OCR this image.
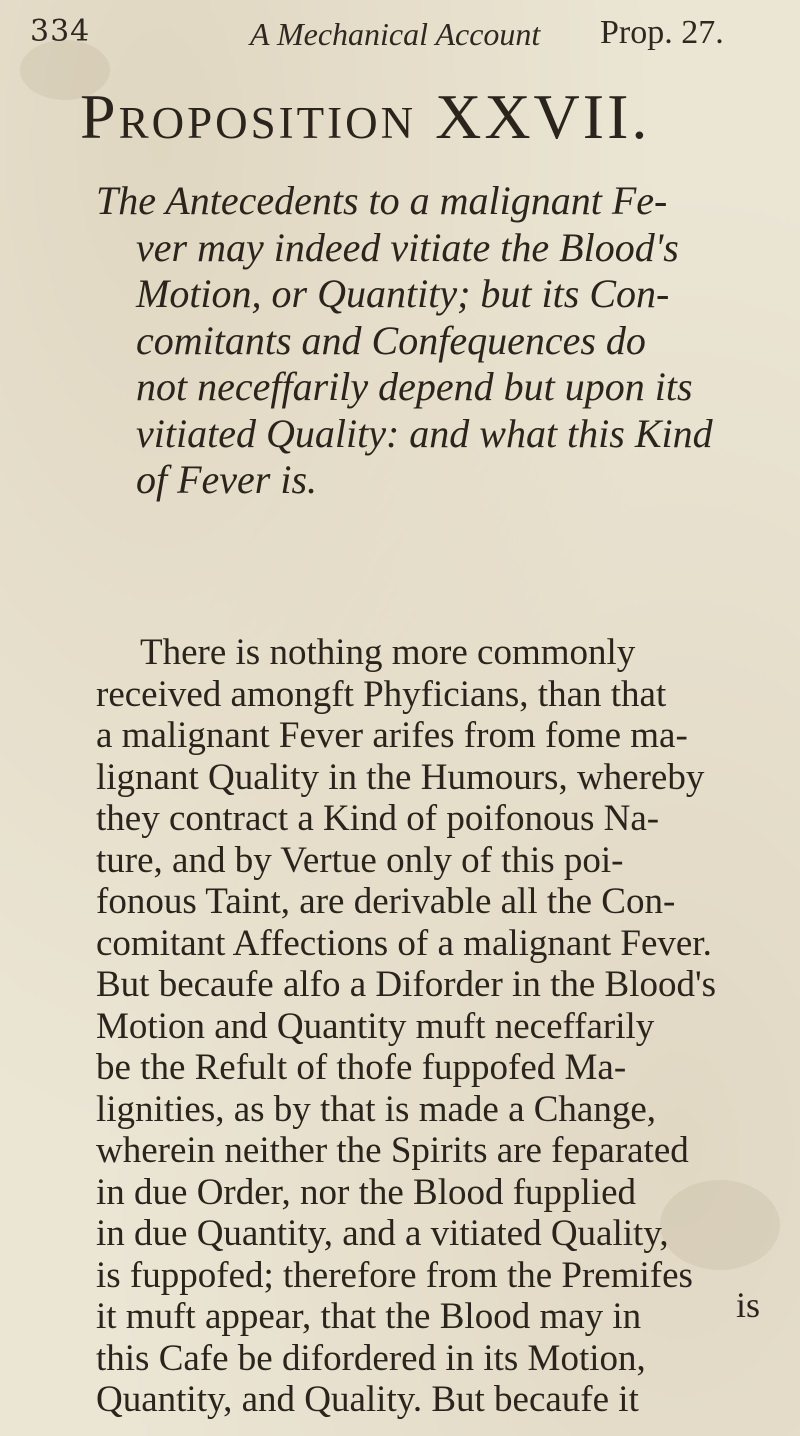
334	A Mechanical Account Prop. 27.
Proposition XXVII.
The Antecedents to a malignant Fe-
ver may indeed vitiate the Blood's
Motion, or Quantity; but its Con-
comitants and Confequences do
not neceffarily depend but upon its
vitiated Quality: and what this Kind
of Fever is.
There is nothing more commonly
received amongft Phyficians, than that
a malignant Fever arifes from fome ma-
lignant Quality in the Humours, whereby
they contract a Kind of poifonous Na-
ture, and by Vertue only of this poi-
fonous Taint, are derivable all the Con-
comitant Affections of a malignant Fever.
But becaufe alfo a Diforder in the Blood's
Motion and Quantity muft neceffarily
be the Refult of thofe fuppofed Ma-
lignities, as by that is made a Change,
wherein neither the Spirits are feparated
in due Order, nor the Blood fupplied
in due Quantity, and a vitiated Quality,
is fuppofed; therefore from the Premifes
it muft appear, that the Blood may in
this Cafe be difordered in its Motion,
Quantity, and Quality. But becaufe it
is
